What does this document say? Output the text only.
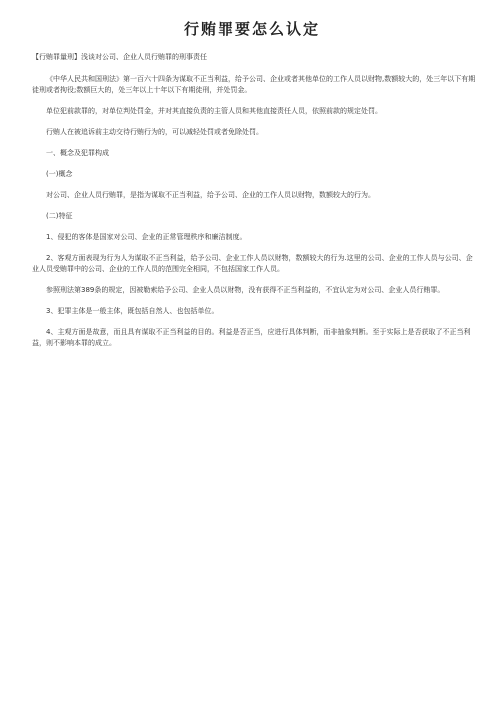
行贿罪要怎么认定

【行贿罪量刑】浅谈对公司、企业人员行贿罪的刑事责任

《中华人民共和国刑法》第一百六十四条为谋取不正当利益，给予公司、企业或者其他单位的工作人员以财物,数额较大的，处三年以下有期徒刑或者拘役;数额巨大的，处三年以上十年以下有期徒刑，并处罚金。

单位犯前款罪的，对单位判处罚金，并对其直接负责的主管人员和其他直接责任人员，依照前款的规定处罚。

行贿人在被追诉前主动交待行贿行为的，可以减轻处罚或者免除处罚。

一、概念及犯罪构成

(一)概念

对公司、企业人员行贿罪，是指为谋取不正当利益，给予公司、企业的工作人员以财物，数额较大的行为。

(二)特征

1、侵犯的客体是国家对公司、企业的正常管理秩序和廉洁制度。

2、客观方面表现为行为人为谋取不正当利益，给予公司、企业工作人员以财物，数额较大的行为.这里的公司、企业的工作人员与公司、企业人员受贿罪中的公司、企业的工作人员的范围完全相同，不包括国家工作人员。

参照刑法第389条的规定，因被勒索给予公司、企业人员以财物，没有获得不正当利益的，不宜认定为对公司、企业人员行贿罪。

3、犯罪主体是一般主体，既包括自然人、也包括单位。

4、主观方面是故意，而且具有谋取不正当利益的目的。利益是否正当，应进行具体判断，而非抽象判断。至于实际上是否获取了不正当利益，则不影响本罪的成立。
